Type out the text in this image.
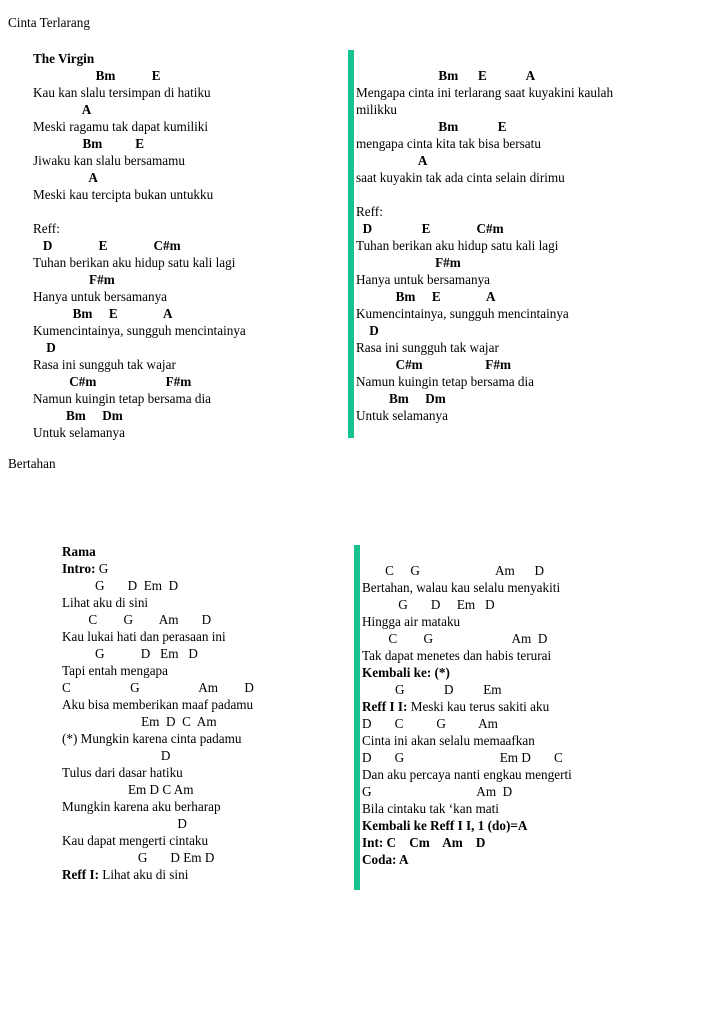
Cinta Terlarang
The Virgin
Bm           E
Kau kan slalu tersimpan di hatiku
A
Meski ragamu tak dapat kumiliki
Bm          E
Jiwaku kan slalu bersamamu
A
Meski kau tercipta bukan untukku
Reff:
D              E              C#m
Tuhan berikan aku hidup satu kali lagi
F#m
Hanya untuk bersamanya
Bm     E              A
Kumencintainya, sungguh mencintainya
D
Rasa ini sungguh tak wajar
C#m                     F#m
Namun kuingin tetap bersama dia
Bm     Dm
Untuk selamanya
Bm      E            A
Mengapa cinta ini terlarang saat kuyakini kaulah
milikku
Bm            E
mengapa cinta kita tak bisa bersatu
A
saat kuyakin tak ada cinta selain dirimu
Reff:
D               E              C#m
Tuhan berikan aku hidup satu kali lagi
F#m
Hanya untuk bersamanya
Bm     E              A
Kumencintainya, sungguh mencintainya
D
Rasa ini sungguh tak wajar
C#m                   F#m
Namun kuingin tetap bersama dia
Bm     Dm
Untuk selamanya
Bertahan
Rama
Intro: G
G       D  Em  D
Lihat aku di sini
C        G        Am       D
Kau lukai hati dan perasaan ini
G           D   Em   D
Tapi entah mengapa
C                  G                  Am        D
Aku bisa memberikan maaf padamu
Em  D  C  Am
(*) Mungkin karena cinta padamu
D
Tulus dari dasar hatiku
Em D C Am
Mungkin karena aku berharap
D
Kau dapat mengerti cintaku
G       D Em D
Reff I: Lihat aku di sini
C     G                       Am      D
Bertahan, walau kau selalu menyakiti
G       D     Em   D
Hingga air mataku
C        G                        Am  D
Tak dapat menetes dan habis terurai
Kembali ke: (*)
G            D         Em
Reff I I: Meski kau terus sakiti aku
D       C          G          Am
Cinta ini akan selalu memaafkan
D       G                             Em D       C
Dan aku percaya nanti engkau mengerti
G                                Am  D
Bila cintaku tak ‘kan mati
Kembali ke Reff I I, 1 (do)=A
Int: C    Cm    Am    D
Coda: A
